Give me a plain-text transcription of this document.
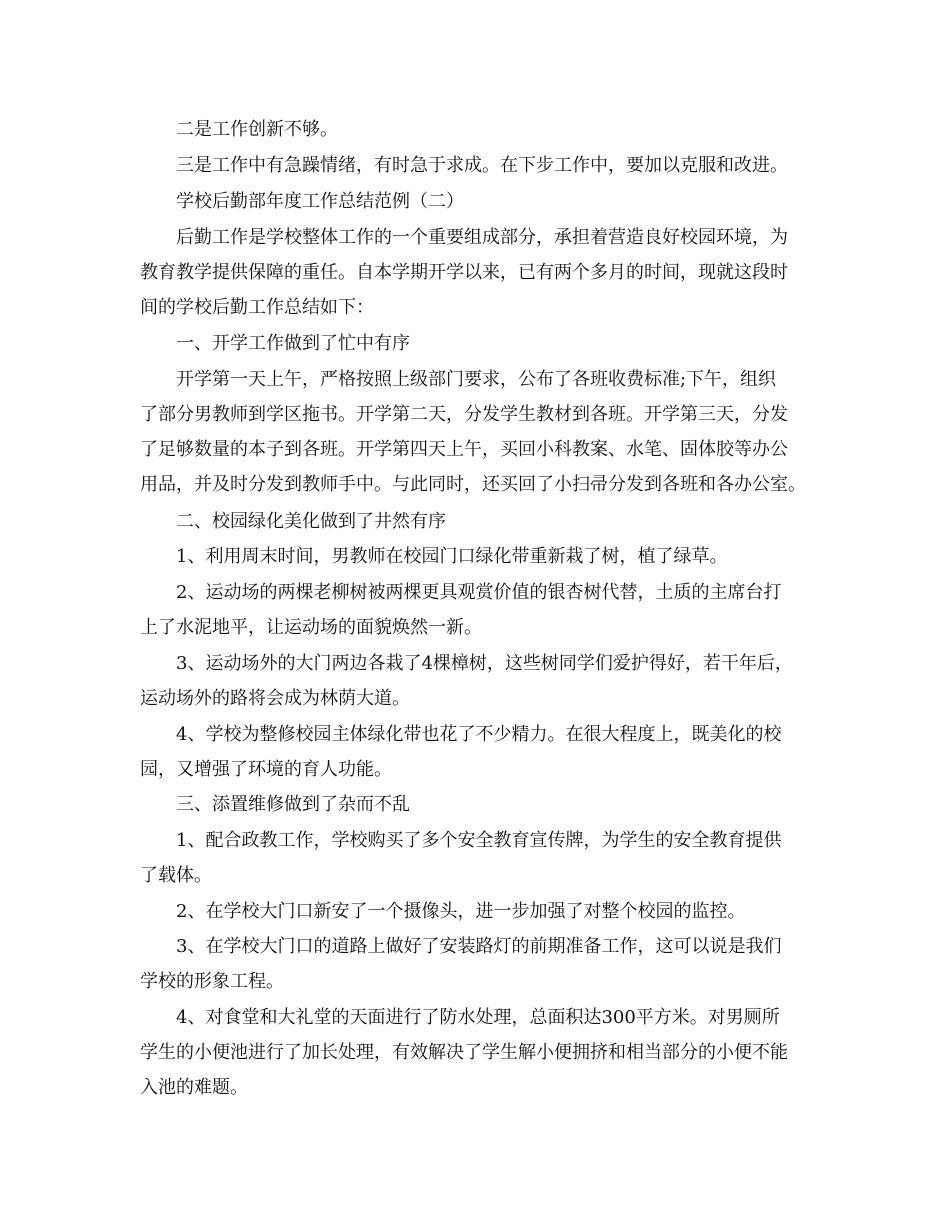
二是工作创新不够。
三是工作中有急躁情绪，有时急于求成。在下步工作中，要加以克服和改进。
学校后勤部年度工作总结范例（二）
后勤工作是学校整体工作的一个重要组成部分，承担着营造良好校园环境，为
教育教学提供保障的重任。自本学期开学以来，已有两个多月的时间，现就这段时
间的学校后勤工作总结如下：
一、开学工作做到了忙中有序
开学第一天上午，严格按照上级部门要求，公布了各班收费标准;下午，组织
了部分男教师到学区拖书。开学第二天，分发学生教材到各班。开学第三天，分发
了足够数量的本子到各班。开学第四天上午，买回小科教案、水笔、固体胶等办公
用品，并及时分发到教师手中。与此同时，还买回了小扫帚分发到各班和各办公室。
二、校园绿化美化做到了井然有序
1、利用周末时间，男教师在校园门口绿化带重新栽了树，植了绿草。
2、运动场的两棵老柳树被两棵更具观赏价值的银杏树代替，土质的主席台打
上了水泥地平，让运动场的面貌焕然一新。
3、运动场外的大门两边各栽了4棵樟树，这些树同学们爱护得好，若干年后，
运动场外的路将会成为林荫大道。
4、学校为整修校园主体绿化带也花了不少精力。在很大程度上，既美化的校
园，又增强了环境的育人功能。
三、添置维修做到了杂而不乱
1、配合政教工作，学校购买了多个安全教育宣传牌，为学生的安全教育提供
了载体。
2、在学校大门口新安了一个摄像头，进一步加强了对整个校园的监控。
3、在学校大门口的道路上做好了安装路灯的前期准备工作，这可以说是我们
学校的形象工程。
4、对食堂和大礼堂的天面进行了防水处理，总面积达300平方米。对男厕所
学生的小便池进行了加长处理，有效解决了学生解小便拥挤和相当部分的小便不能
入池的难题。
